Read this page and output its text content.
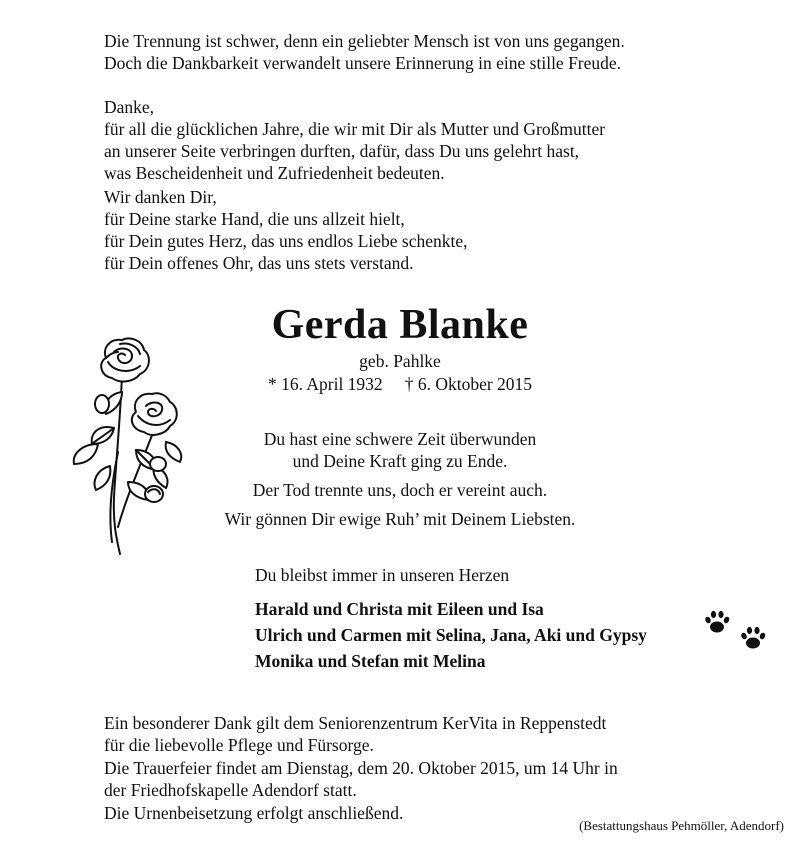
Die Trennung ist schwer, denn ein geliebter Mensch ist von uns gegangen.
Doch die Dankbarkeit verwandelt unsere Erinnerung in eine stille Freude.
Danke,
für all die glücklichen Jahre, die wir mit Dir als Mutter und Großmutter
an unserer Seite verbringen durften, dafür, dass Du uns gelehrt hast,
was Bescheidenheit und Zufriedenheit bedeuten.
Wir danken Dir,
für Deine starke Hand, die uns allzeit hielt,
für Dein gutes Herz, das uns endlos Liebe schenkte,
für Dein offenes Ohr, das uns stets verstand.
Gerda Blanke
geb. Pahlke
* 16. April 1932 † 6. Oktober 2015
Du hast eine schwere Zeit überwunden
und Deine Kraft ging zu Ende.
Der Tod trennte uns, doch er vereint auch.
Wir gönnen Dir ewige Ruh’ mit Deinem Liebsten.
Du bleibst immer in unseren Herzen
Harald und Christa mit Eileen und Isa
Ulrich und Carmen mit Selina, Jana, Aki und Gypsy
Monika und Stefan mit Melina
Ein besonderer Dank gilt dem Seniorenzentrum KerVita in Reppenstedt
für die liebevolle Pflege und Fürsorge.
Die Trauerfeier findet am Dienstag, dem 20. Oktober 2015, um 14 Uhr in
der Friedhofskapelle Adendorf statt.
Die Urnenbeisetzung erfolgt anschließend.
(Bestattungshaus Pehmöller, Adendorf)
